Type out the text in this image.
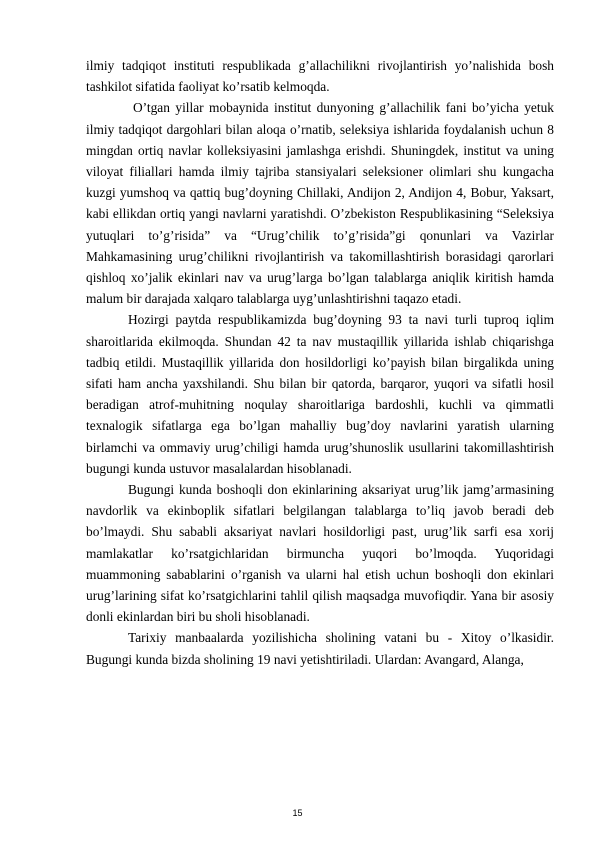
ilmiy tadqiqot instituti respublikada g’allachilikni rivojlantirish yo’nalishida bosh tashkilot sifatida faoliyat ko’rsatib kelmoqda.

O’tgan yillar mobaynida institut dunyoning g’allachilik fani bo’yicha yetuk ilmiy tadqiqot dargohlari bilan aloqa o’rnatib, seleksiya ishlarida foydalanish uchun 8 mingdan ortiq navlar kolleksiyasini jamlashga erishdi. Shuningdek, institut va uning viloyat filiallari hamda ilmiy tajriba stansiyalari seleksioner olimlari shu kungacha kuzgi yumshoq va qattiq bug’doyning Chillaki, Andijon 2, Andijon 4, Bobur, Yaksart, kabi ellikdan ortiq yangi navlarni yaratishdi. O’zbekiston Respublikasining “Seleksiya yutuqlari to’g’risida” va “Urug’chilik to’g’risida”gi qonunlari va Vazirlar Mahkamasining urug’chilikni rivojlantirish va takomillashtirish borasidagi qarorlari qishloq xo’jalik ekinlari nav va urug’larga bo’lgan talablarga aniqlik kiritish hamda malum bir darajada xalqaro talablarga uyg’unlashtirishni taqazo etadi.

Hozirgi paytda respublikamizda bug’doyning 93 ta navi turli tuproq iqlim sharoitlarida ekilmoqda. Shundan 42 ta nav mustaqillik yillarida ishlab chiqarishga tadbiq etildi. Mustaqillik yillarida don hosildorligi ko’payish bilan birgalikda uning sifati ham ancha yaxshilandi. Shu bilan bir qatorda, barqaror, yuqori va sifatli hosil beradigan atrof-muhitning noqulay sharoitlariga bardoshli, kuchli va qimmatli texnalogik sifatlarga ega bo’lgan mahalliy bug’doy navlarini yaratish ularning birlamchi va ommaviy urug’chiligi hamda urug’shunoslik usullarini takomillashtirish bugungi kunda ustuvor masalalardan hisoblanadi.

Bugungi kunda boshoqli don ekinlarining aksariyat urug’lik jamg’armasining navdorlik va ekinboplik sifatlari belgilangan talablarga to’liq javob beradi deb bo’lmaydi. Shu sababli aksariyat navlari hosildorligi past, urug’lik sarfi esa xorij mamlakatlar ko’rsatgichlaridan birmuncha yuqori bo’lmoqda. Yuqoridagi muammoning sabablarini o’rganish va ularni hal etish uchun boshoqli don ekinlari urug’larining sifat ko’rsatgichlarini tahlil qilish maqsadga muvofiqdir. Yana bir asosiy donli ekinlardan biri bu sholi hisoblanadi.

Tarixiy manbaalarda yozilishicha sholining vatani bu - Xitoy o’lkasidir. Bugungi kunda bizda sholining 19 navi yetishtiriladi. Ulardan: Avangard, Alanga,

15
